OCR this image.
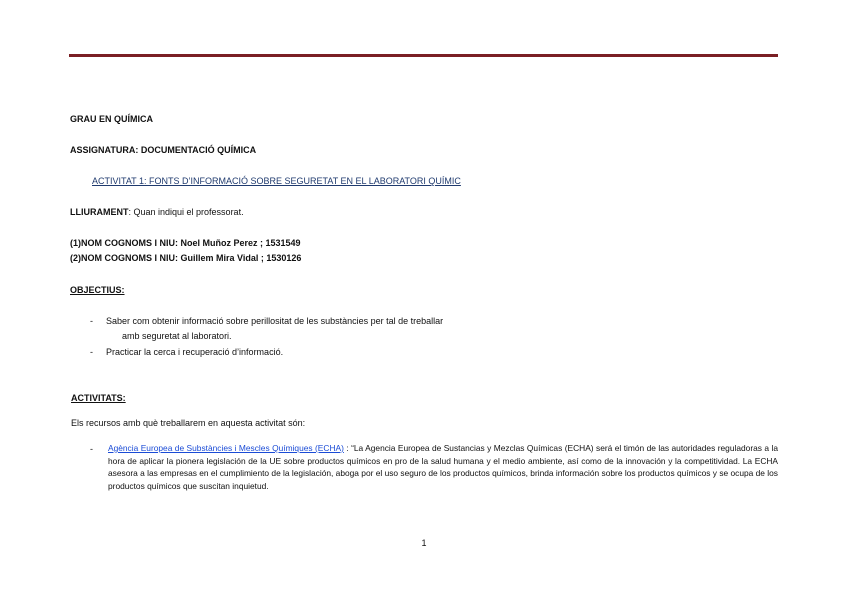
GRAU EN QUÍMICA
ASSIGNATURA: DOCUMENTACIÓ QUÍMICA
ACTIVITAT 1: FONTS D’INFORMACIÓ SOBRE SEGURETAT EN EL LABORATORI QUÍMIC
LLIURAMENT: Quan indiqui el professorat.
(1)NOM COGNOMS I NIU: Noel Muñoz Perez ; 1531549
(2)NOM COGNOMS I NIU: Guillem Mira Vidal ; 1530126
OBJECTIUS:
- Saber com obtenir informació sobre perillositat de les substàncies per tal de treballar
amb seguretat al laboratori.
- Practicar la cerca i recuperació d’informació.
ACTIVITATS:
Els recursos amb què treballarem en aquesta activitat són:
- Agència Europea de Substàncies i Mescles Químiques (ECHA) : “La Agencia Europea de Sustancias y Mezclas Químicas (ECHA) será el timón de las autoridades reguladoras a la hora de aplicar la pionera legislación de la UE sobre productos químicos en pro de la salud humana y el medio ambiente, así como de la innovación y la competitividad. La ECHA asesora a las empresas en el cumplimiento de la legislación, aboga por el uso seguro de los productos químicos, brinda información sobre los productos químicos y se ocupa de los productos químicos que suscitan inquietud.
1
